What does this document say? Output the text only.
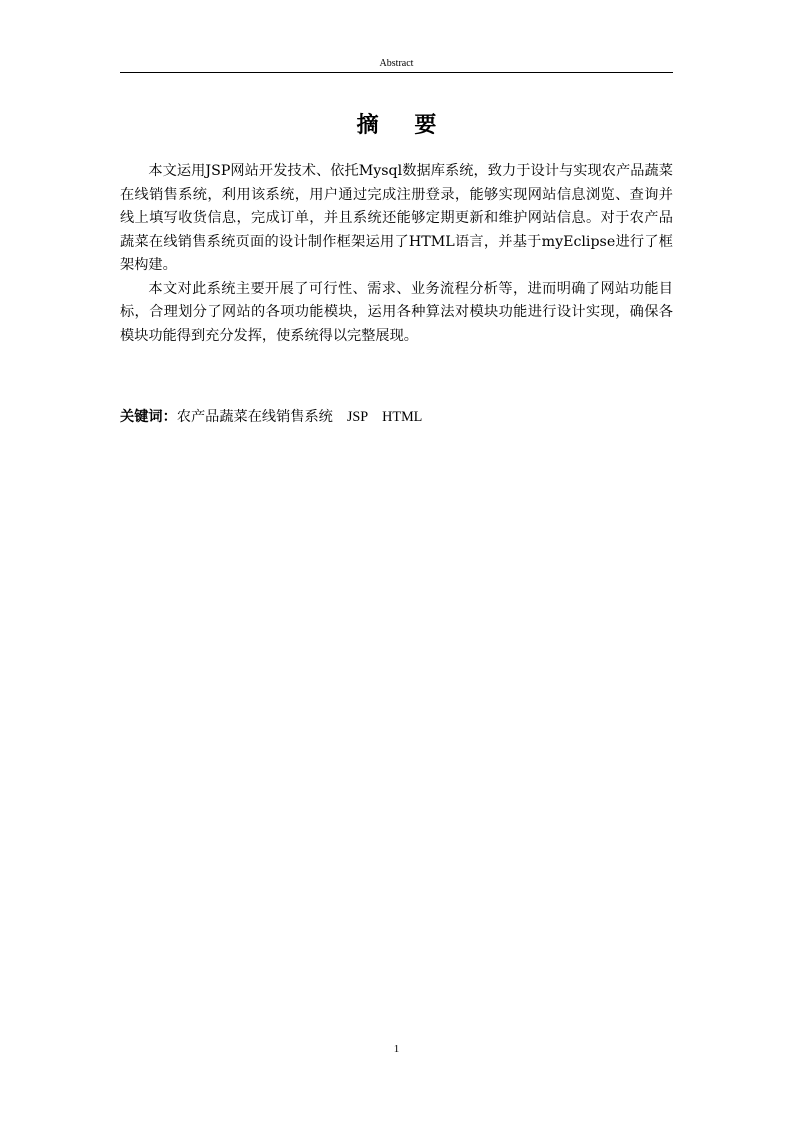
Abstract
摘 要

本文运用JSP网站开发技术、依托Mysql数据库系统，致力于设计与实现农产品蔬菜在线销售系统，利用该系统，用户通过完成注册登录，能够实现网站信息浏览、查询并线上填写收货信息，完成订单，并且系统还能够定期更新和维护网站信息。对于农产品蔬菜在线销售系统页面的设计制作框架运用了HTML语言，并基于myEclipse进行了框架构建。

本文对此系统主要开展了可行性、需求、业务流程分析等，进而明确了网站功能目标，合理划分了网站的各项功能模块，运用各种算法对模块功能进行设计实现，确保各模块功能得到充分发挥，使系统得以完整展现。

关键词：农产品蔬菜在线销售系统 JSP HTML
1
